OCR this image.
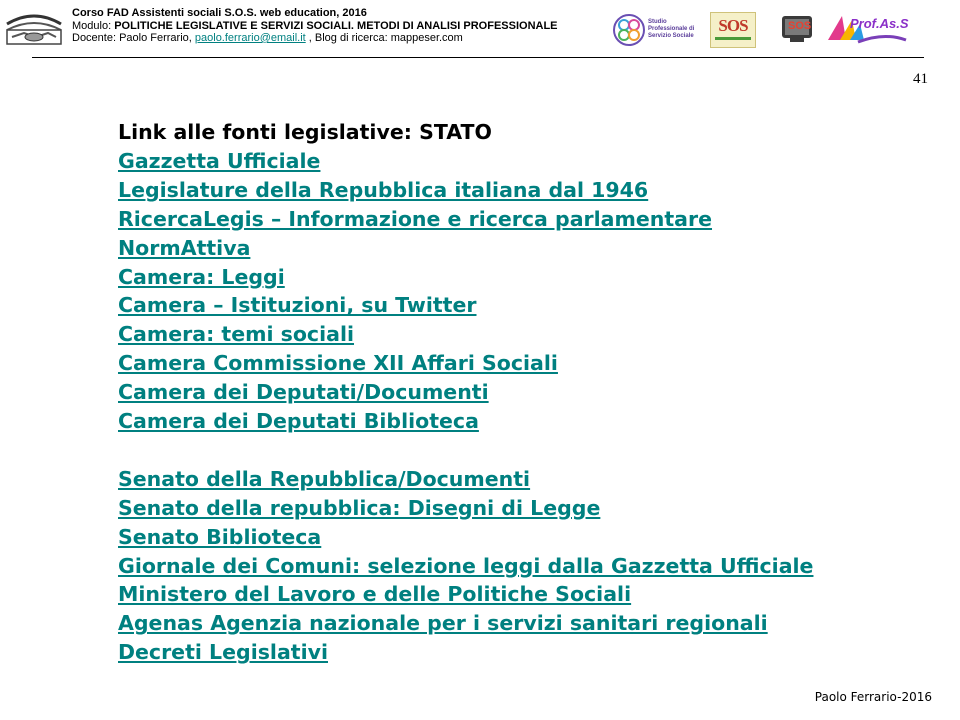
Corso FAD Assistenti sociali S.O.S. web education, 2016
Modulo: POLITICHE LEGISLATIVE E SERVIZI SOCIALI. METODI DI ANALISI PROFESSIONALE
Docente: Paolo Ferrario, paolo.ferrario@email.it , Blog di ricerca: mappeser.com
Studio Professionale di Servizio Sociale
SOS	SOS	Prof.As.S
41
Link alle fonti legislative: STATO
Gazzetta Ufficiale
Legislature della Repubblica italiana dal 1946
RicercaLegis – Informazione e ricerca parlamentare
NormAttiva
Camera: Leggi
Camera – Istituzioni, su Twitter
Camera: temi sociali
Camera Commissione XII Affari Sociali
Camera dei Deputati/Documenti
Camera dei Deputati Biblioteca
Senato della Repubblica/Documenti
Senato della repubblica: Disegni di Legge
Senato Biblioteca
Giornale dei Comuni: selezione leggi dalla Gazzetta Ufficiale
Ministero del Lavoro e delle Politiche Sociali
Agenas Agenzia nazionale per i servizi sanitari regionali
Decreti Legislativi
Paolo Ferrario-2016
